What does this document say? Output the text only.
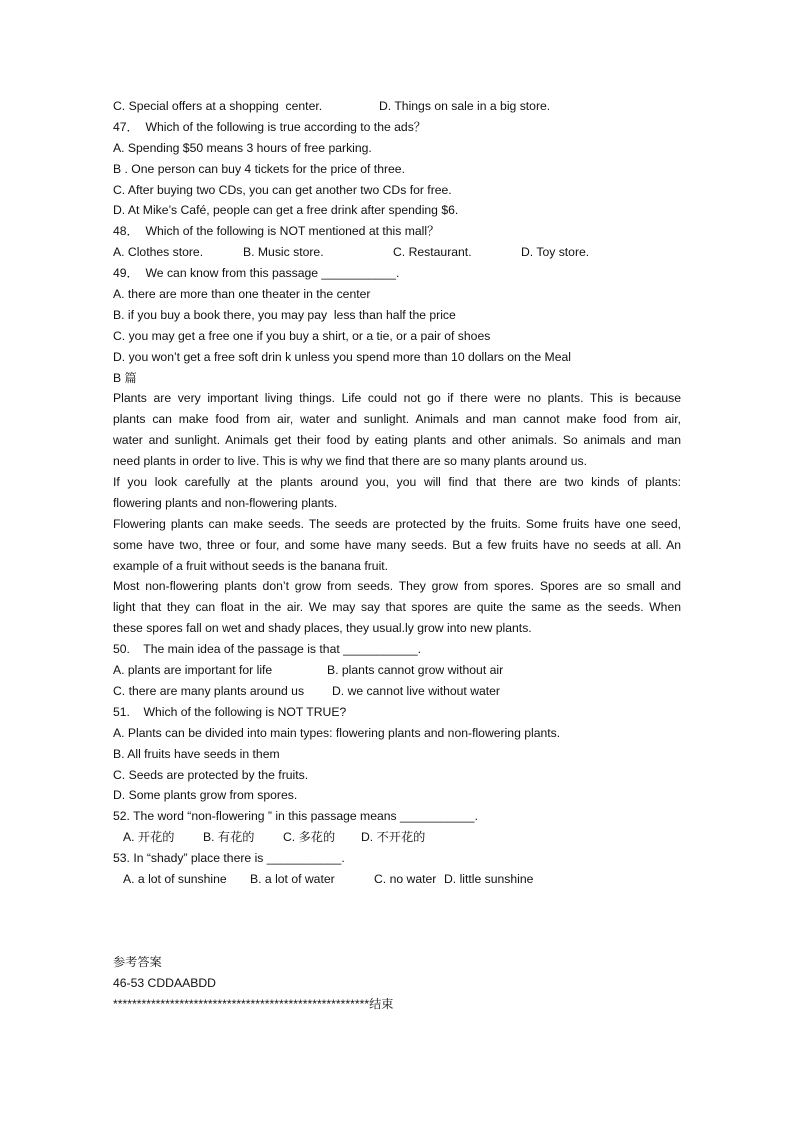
C. Special offers at a shopping  center.	D. Things on sale in a big store.
47．  Which of the following is true according to the ads？
A. Spending $50 means 3 hours of free parking.
B . One person can buy 4 tickets for the price of three.
C. After buying two CDs, you can get another two CDs for free.
D. At Mike’s Café, people can get a free drink after spending $6.
48．  Which of the following is NOT mentioned at this mall？
A. Clothes store.	B. Music store.	C. Restaurant.	D. Toy store.
49．  We can know from this passage ___________.
A. there are more than one theater in the center
B. if you buy a book there, you may pay  less than half the price
C. you may get a free one if you buy a shirt, or a tie, or a pair of shoes
D. you won’t get a free soft drin k unless you spend more than 10 dollars on the Meal
B 篇
Plants are very important living things. Life could not go if there were no plants. This is because
plants can make food from air, water and sunlight. Animals and man cannot make food from air,
water and sunlight. Animals get their food by eating plants and other animals. So animals and man
need plants in order to live. This is why we find that there are so many plants around us.
If you look carefully at the plants around you, you will find that there are two kinds of plants:
flowering plants and non-flowering plants.
Flowering plants can make seeds. The seeds are protected by the fruits. Some fruits have one seed,
some have two, three or four, and some have many seeds. But a few fruits have no seeds at all. An
example of a fruit without seeds is the banana fruit.
Most non-flowering plants don’t grow from seeds. They grow from spores. Spores are so small and
light that they can float in the air. We may say that spores are quite the same as the seeds. When
these spores fall on wet and shady places, they usual.ly grow into new plants.
50.    The main idea of the passage is that ___________.
A. plants are important for life	B. plants cannot grow without air
C. there are many plants around us	D. we cannot live without water
51.    Which of the following is NOT TRUE?
A. Plants can be divided into main types: flowering plants and non-flowering plants.
B. All fruits have seeds in them
C. Seeds are protected by the fruits.
D. Some plants grow from spores.
52. The word “non-flowering ” in this passage means ___________.
A. 开花的	B. 有花的	C. 多花的	D. 不开花的
53. In “shady” place there is ___________.
A. a lot of sunshine	B. a lot of water	C. no water D. little sunshine
参考答案
46-53 CDDAABDD
******************************************************结束
